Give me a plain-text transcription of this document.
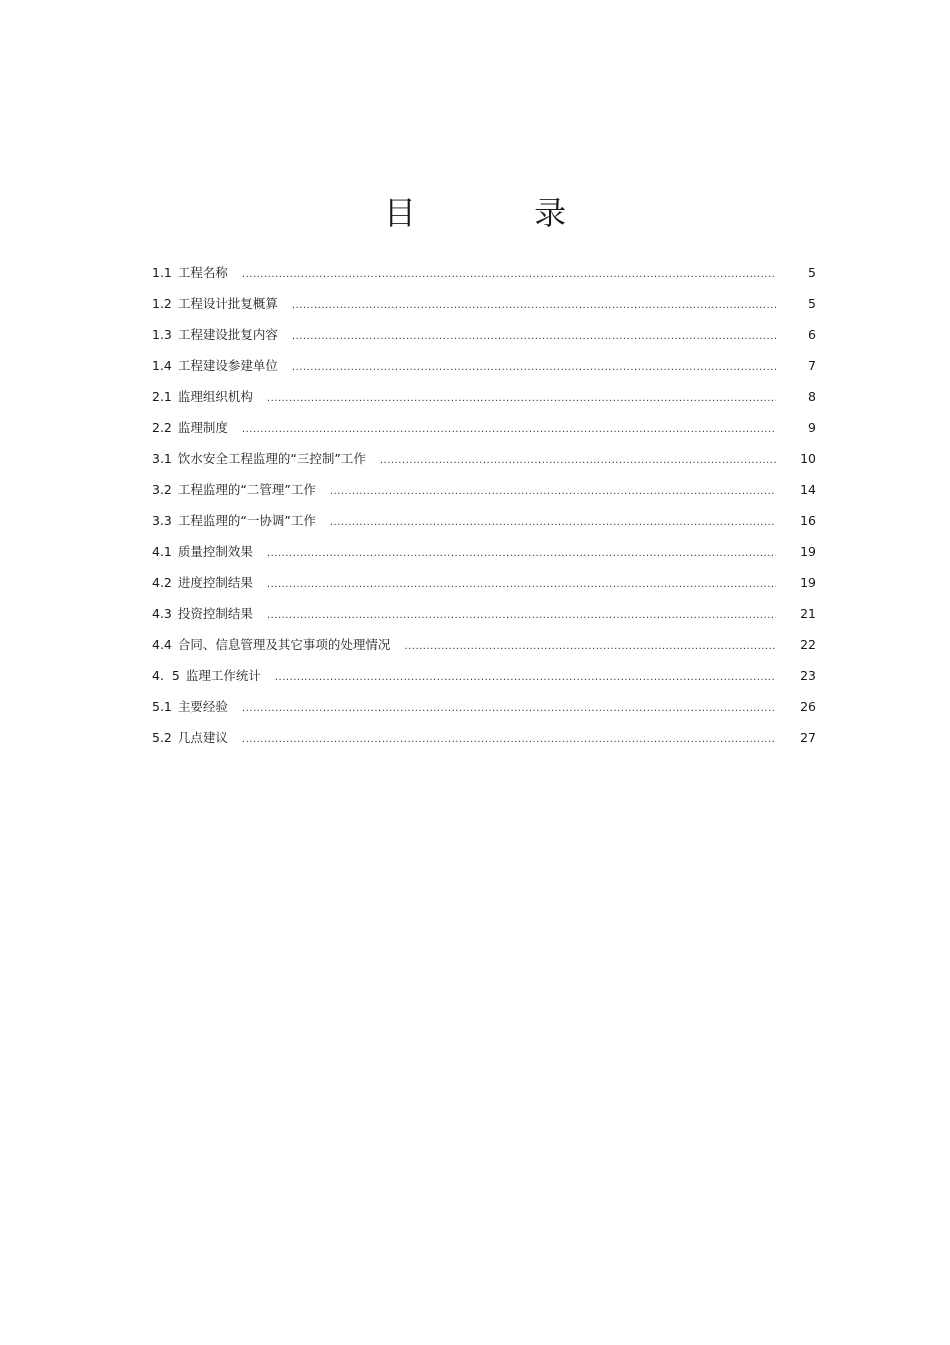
目 录
1.1 工程名称 .....	5
1.2 工程设计批复概算 .....	5
1.3 工程建设批复内容 .....	6
1.4 工程建设参建单位 .....	7
2.1 监理组织机构 .....	8
2.2 监理制度 .....	9
3.1 饮水安全工程监理的“三控制”工作 .....	10
3.2 工程监理的“二管理”工作 .....	14
3.3 工程监理的“一协调”工作 .....	16
4.1 质量控制效果 .....	19
4.2 进度控制结果 .....	19
4.3 投资控制结果 .....	21
4.4 合同、信息管理及其它事项的处理情况 .....	22
4.  5 监理工作统计 .....	23
5.1 主要经验 .....	26
5.2 几点建议 .....	27
